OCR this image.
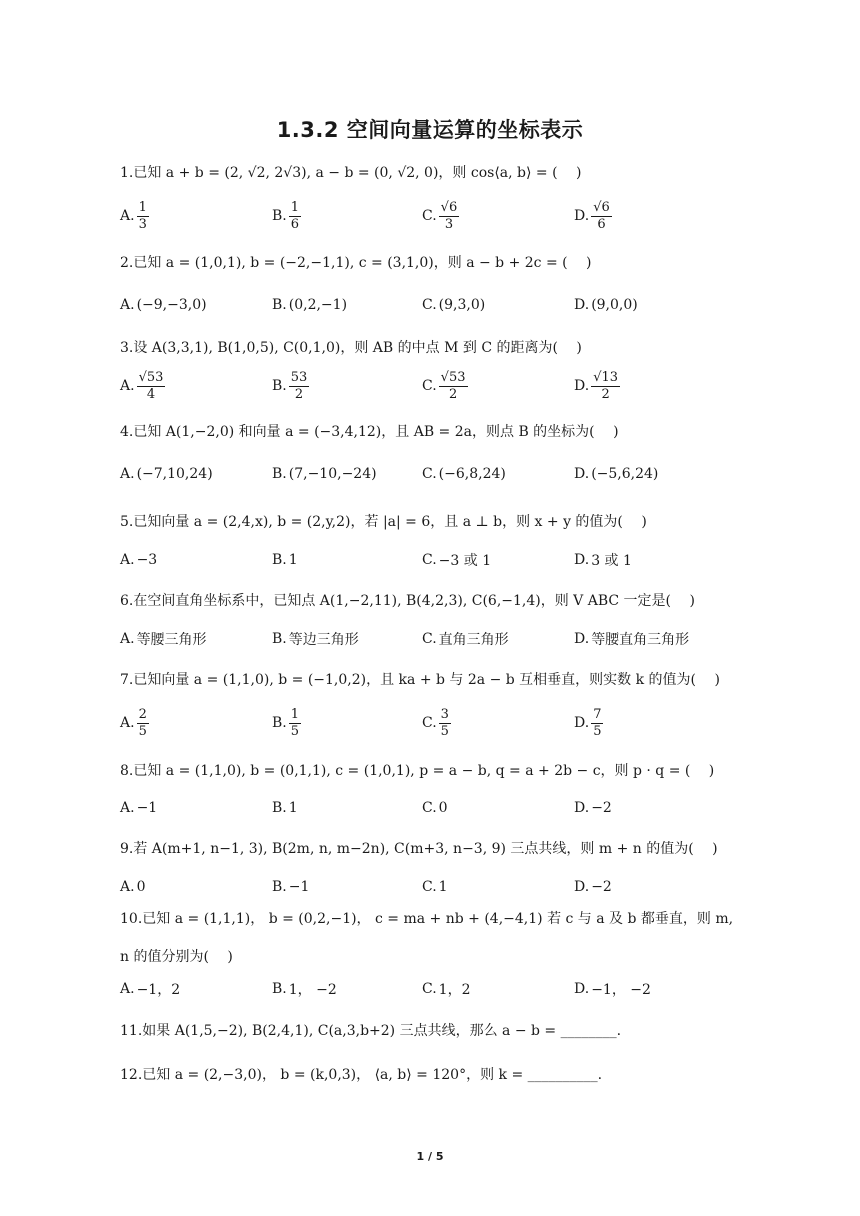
1.3.2 空间向量运算的坐标表示
1.已知 a + b = (2, √2, 2√3), a − b = (0, √2, 0)，则 cos⟨a, b⟩ = (　 )
A. $\frac{1}{3}$	B. $\frac{1}{6}$	C. $\frac{√6}{3}$	D. $\frac{√6}{6}$
2.已知 a = (1,0,1), b = (−2,−1,1), c = (3,1,0)，则 a − b + 2c = (　 )
A. (−9,−3,0)	B. (0,2,−1)	C. (9,3,0)	D. (9,0,0)
3.设 A(3,3,1), B(1,0,5), C(0,1,0)，则 AB 的中点 M 到 C 的距离为(　 )
A. $\frac{√53}{4}$	B. $\frac{53}{2}$	C. $\frac{√53}{2}$	D. $\frac{√13}{2}$
4.已知 A(1,−2,0) 和向量 a = (−3,4,12)，且 AB = 2a，则点 B 的坐标为(　 )
A. (−7,10,24)	B. (7,−10,−24)	C. (−6,8,24)	D. (−5,6,24)
5.已知向量 a = (2,4,x), b = (2,y,2)，若 |a| = 6，且 a ⊥ b，则 x + y 的值为(　 )
A. −3	B. 1	C. −3 或 1	D. 3 或 1
6.在空间直角坐标系中，已知点 A(1,−2,11), B(4,2,3), C(6,−1,4)，则 V ABC 一定是(　 )
A. 等腰三角形	B. 等边三角形	C. 直角三角形	D. 等腰直角三角形
7.已知向量 a = (1,1,0), b = (−1,0,2)，且 ka + b 与 2a − b 互相垂直，则实数 k 的值为(　 )
A. $\frac{2}{5}$	B. $\frac{1}{5}$	C. $\frac{3}{5}$	D. $\frac{7}{5}$
8.已知 a = (1,1,0), b = (0,1,1), c = (1,0,1), p = a − b, q = a + 2b − c，则 p · q = (　 )
A. −1	B. 1	C. 0	D. −2
9.若 A(m+1, n−1, 3), B(2m, n, m−2n), C(m+3, n−3, 9) 三点共线，则 m + n 的值为(　 )
A. 0	B. −1	C. 1	D. −2
10.已知 a = (1,1,1)， b = (0,2,−1)， c = ma + nb + (4,−4,1) 若 c 与 a 及 b 都垂直，则 m, n 的值分别为(　 )
A. −1，2	B. 1， −2	C. 1，2	D. −1， −2
11.如果 A(1,5,−2), B(2,4,1), C(a,3,b+2) 三点共线，那么 a − b = ________.
12.已知 a = (2,−3,0)， b = (k,0,3)， ⟨a, b⟩ = 120°，则 k = __________.
1 / 5
